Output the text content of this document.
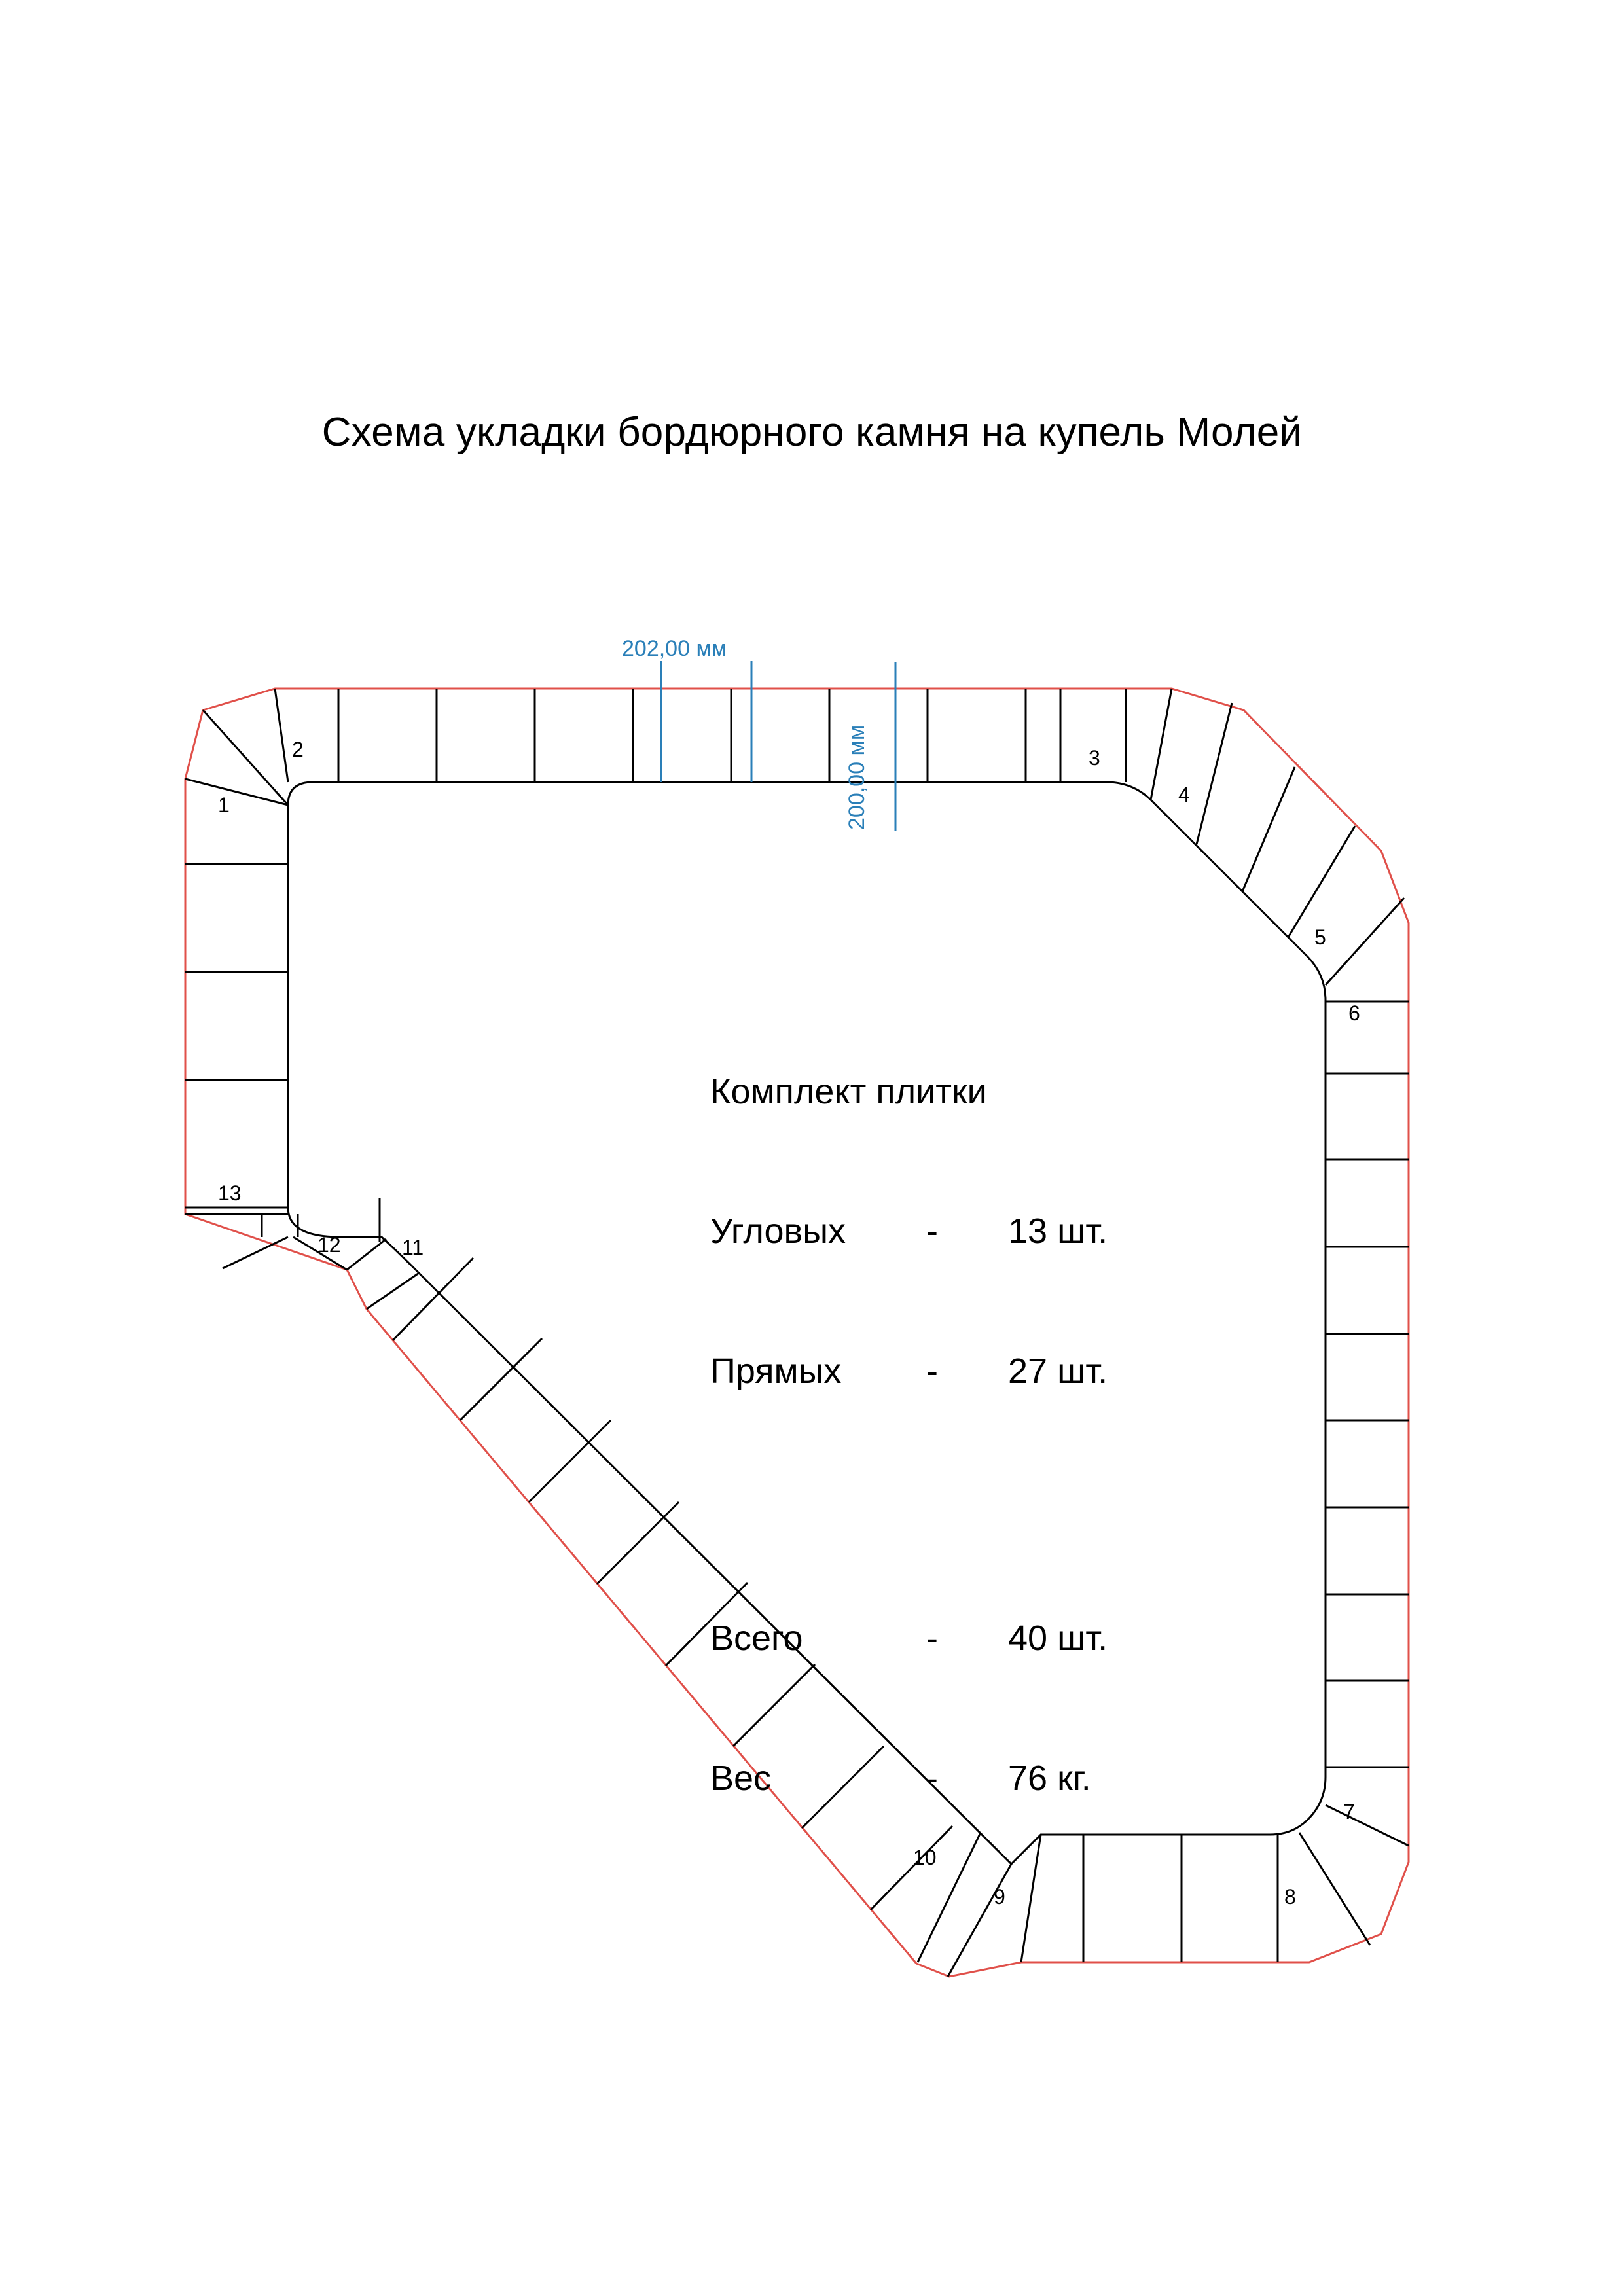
Схема укладки бордюрного камня на купель Молей
202,00 мм
200,00 мм
1
2	3
4
5
6
7
8
9
10
11
12
13

Комплект плитки

Угловых - 13 шт.

Прямых - 27 шт.

Всего	- 40 шт.

Вес	- 76 кг.
